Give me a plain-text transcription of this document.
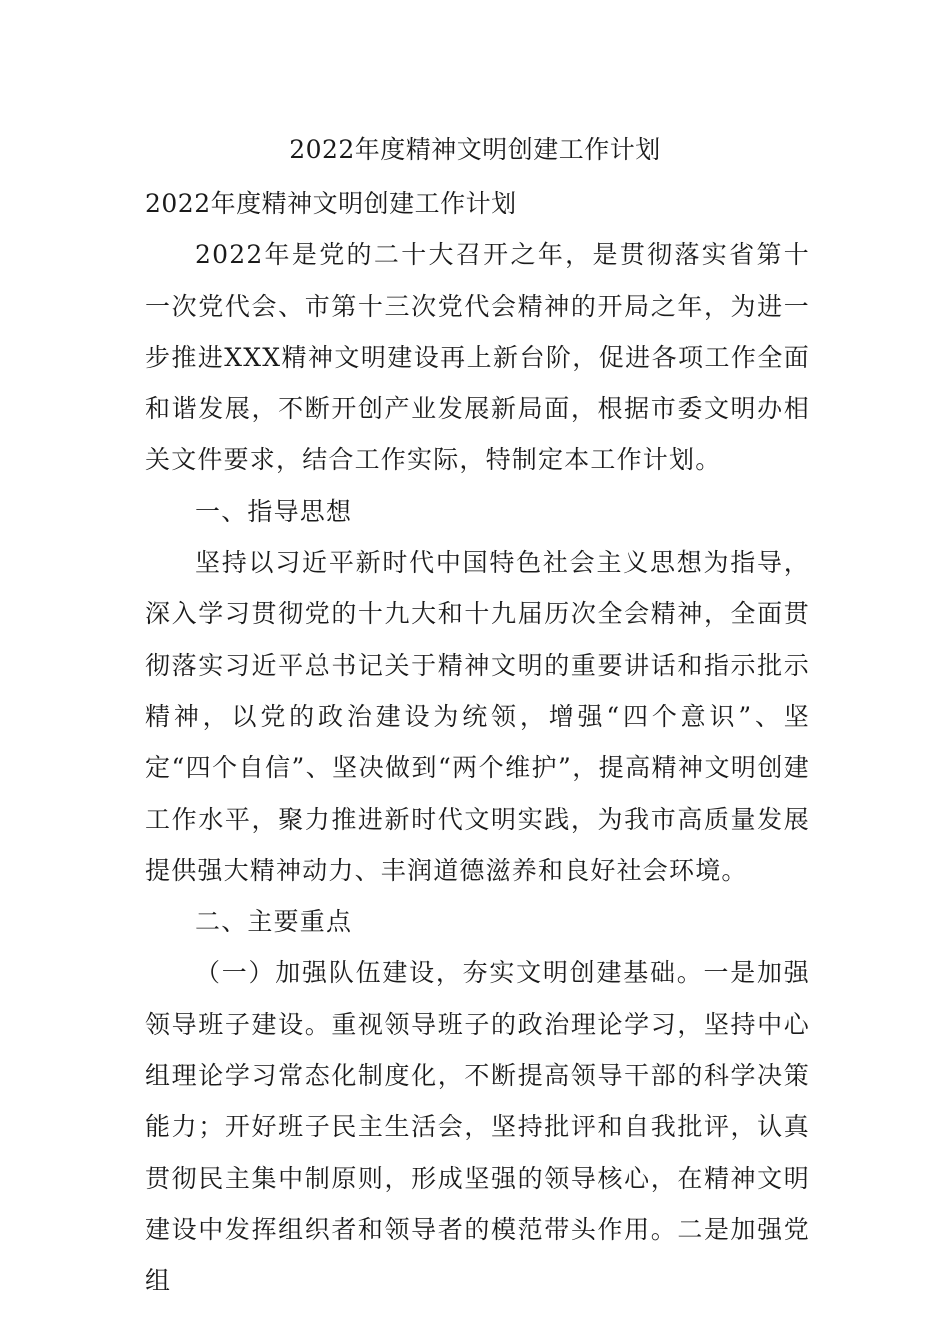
2022年度精神文明创建工作计划

2022年度精神文明创建工作计划

2022年是党的二十大召开之年，是贯彻落实省第十一次党代会、市第十三次党代会精神的开局之年，为进一步推进XXX精神文明建设再上新台阶，促进各项工作全面和谐发展，不断开创产业发展新局面，根据市委文明办相关文件要求，结合工作实际，特制定本工作计划。

一、指导思想

坚持以习近平新时代中国特色社会主义思想为指导，深入学习贯彻党的十九大和十九届历次全会精神，全面贯彻落实习近平总书记关于精神文明的重要讲话和指示批示精神，以党的政治建设为统领，增强“四个意识”、坚定“四个自信”、坚决做到“两个维护”，提高精神文明创建工作水平，聚力推进新时代文明实践，为我市高质量发展提供强大精神动力、丰润道德滋养和良好社会环境。

二、主要重点

（一）加强队伍建设，夯实文明创建基础。一是加强领导班子建设。重视领导班子的政治理论学习，坚持中心组理论学习常态化制度化，不断提高领导干部的科学决策能力；开好班子民主生活会，坚持批评和自我批评，认真贯彻民主集中制原则，形成坚强的领导核心，在精神文明建设中发挥组织者和领导者的模范带头作用。二是加强党组
